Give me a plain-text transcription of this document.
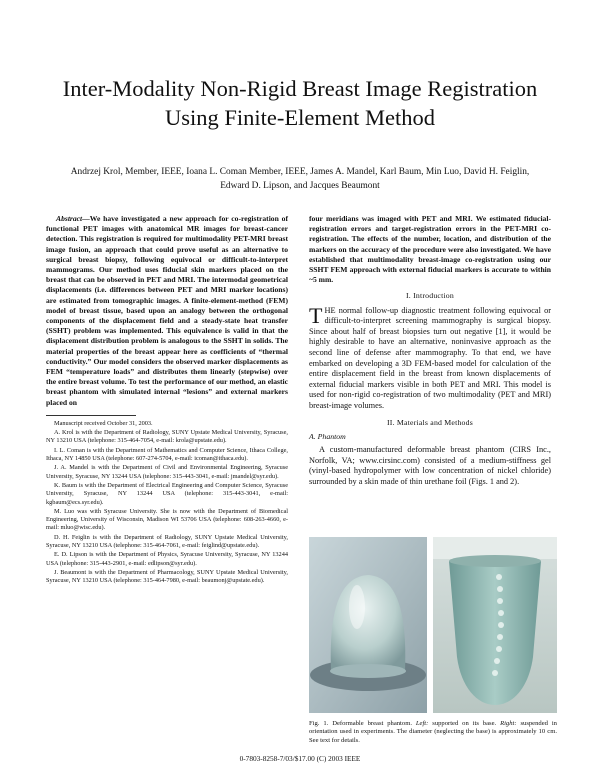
Inter-Modality Non-Rigid Breast Image Registration Using Finite-Element Method
Andrzej Krol, Member, IEEE, Ioana L. Coman Member, IEEE, James A. Mandel, Karl Baum, Min Luo, David H. Feiglin, Edward D. Lipson, and Jacques Beaumont

Abstract—We have investigated a new approach for co-registration of functional PET images with anatomical MR images for breast-cancer detection. This registration is required for multimodality PET-MRI breast image fusion, an approach that could prove useful as an alternative to surgical breast biopsy, following equivocal or difficult-to-interpret mammograms. Our method uses fiducial skin markers placed on the breast that can be observed in PET and MRI. The intermodal geometrical displacements (i.e. differences between PET and MRI marker locations) are estimated from tomographic images. A finite-element-method (FEM) model of breast tissue, based upon an analogy between the orthogonal components of the displacement field and a steady-state heat transfer (SSHT) problem was implemented. This equivalence is valid in that the displacement distribution problem is analogous to the SSHT in solids. The material properties of the breast appear here as coefficients of “thermal conductivity.” Our model considers the observed marker displacements as FEM “temperature loads” and distributes them linearly (stepwise) over the entire breast volume. To test the performance of our method, an elastic breast phantom with simulated internal “lesions” and external markers placed on

Manuscript received October 31, 2003.

A. Krol is with the Department of Radiology, SUNY Upstate Medical University, Syracuse, NY 13210 USA (telephone: 315-464-7054, e-mail: krola@upstate.edu).

I. L. Coman is with the Department of Mathematics and Computer Science, Ithaca College, Ithaca, NY 14850 USA (telephone: 607-274-5704, e-mail: icoman@ithaca.edu).

J. A. Mandel is with the Department of Civil and Environmental Engineering, Syracuse University, Syracuse, NY 13244 USA (telephone: 315-443-3041, e-mail: jmandel@syr.edu).

K. Baum is with the Department of Electrical Engineering and Computer Science, Syracuse University, Syracuse, NY 13244 USA (telephone: 315-443-3041, e-mail: kgbaum@ecs.syr.edu).

M. Luo was with Syracuse University. She is now with the Department of Biomedical Engineering, University of Wisconsin, Madison WI 53706 USA (telephone: 608-263-4660, e-mail: mluo@wisc.edu).

D. H. Feiglin is with the Department of Radiology, SUNY Upstate Medical University, Syracuse, NY 13210 USA (telephone: 315-464-7061, e-mail: feiglind@upstate.edu).

E. D. Lipson is with the Department of Physics, Syracuse University, Syracuse, NY 13244 USA (telephone: 315-443-2901, e-mail: edlipson@syr.edu).

J. Beaumont is with the Department of Pharmacology, SUNY Upstate Medical University, Syracuse, NY 13210 USA (telephone: 315-464-7980, e-mail: beaumonj@upstate.edu).

four meridians was imaged with PET and MRI. We estimated fiducial-registration errors and target-registration errors in the PET-MRI co-registration. The effects of the number, location, and distribution of the markers on the accuracy of the procedure were also investigated. We have established that multimodality breast-image co-registration using our SSHT FEM approach with external fiducial markers is accurate to within ~5 mm.

I. Introduction

THE normal follow-up diagnostic treatment following equivocal or difficult-to-interpret screening mammography is surgical biopsy. Since about half of breast biopsies turn out negative [1], it would be highly desirable to have an alternative, noninvasive approach as the second line of defense after mammography. To that end, we have embarked on developing a 3D FEM-based model for calculation of the entire displacement field in the breast from known displacements of external fiducial markers visible in both PET and MRI. This model is used for non-rigid co-registration of two multimodality (PET and MRI) breast-image volumes.

II. Materials and Methods
A. Phantom

A custom-manufactured deformable breast phantom (CIRS Inc., Norfolk, VA; www.cirsinc.com) consisted of a medium-stiffness gel (vinyl-based hydropolymer with low concentration of nickel chloride) surrounded by a skin made of thin urethane foil (Figs. 1 and 2).

Fig. 1. Deformable breast phantom. Left: supported on its base. Right: suspended in orientation used in experiments. The diameter (neglecting the base) is approximately 10 cm. See text for details.
0-7803-8258-7/03/$17.00 (C) 2003 IEEE
